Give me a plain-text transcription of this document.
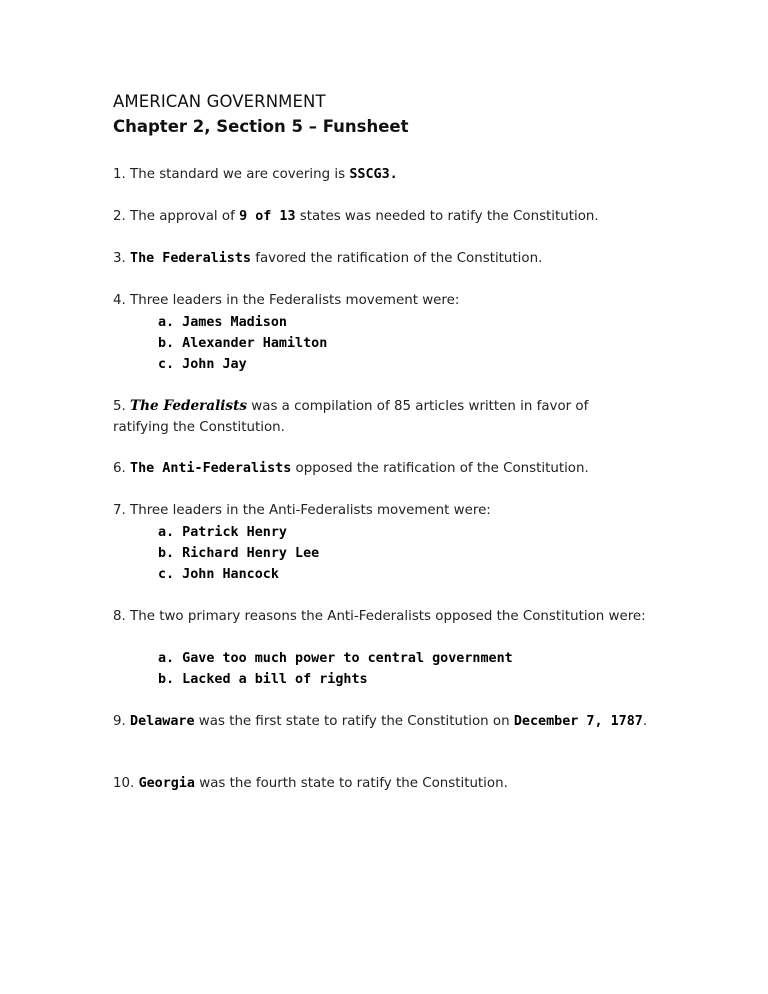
AMERICAN GOVERNMENT
Chapter 2, Section 5 – Funsheet
1. The standard we are covering is SSCG3.
2. The approval of 9 of 13 states was needed to ratify the Constitution.
3. The Federalists favored the ratification of the Constitution.
4. Three leaders in the Federalists movement were:
a. James Madison
b. Alexander Hamilton
c. John Jay
5. The Federalists was a compilation of 85 articles written in favor of ratifying the Constitution.
6. The Anti-Federalists opposed the ratification of the Constitution.
7. Three leaders in the Anti-Federalists movement were:
a. Patrick Henry
b. Richard Henry Lee
c. John Hancock
8. The two primary reasons the Anti-Federalists opposed the Constitution were:
a. Gave too much power to central government
b. Lacked a bill of rights
9. Delaware was the first state to ratify the Constitution on December 7, 1787.
10. Georgia was the fourth state to ratify the Constitution.
